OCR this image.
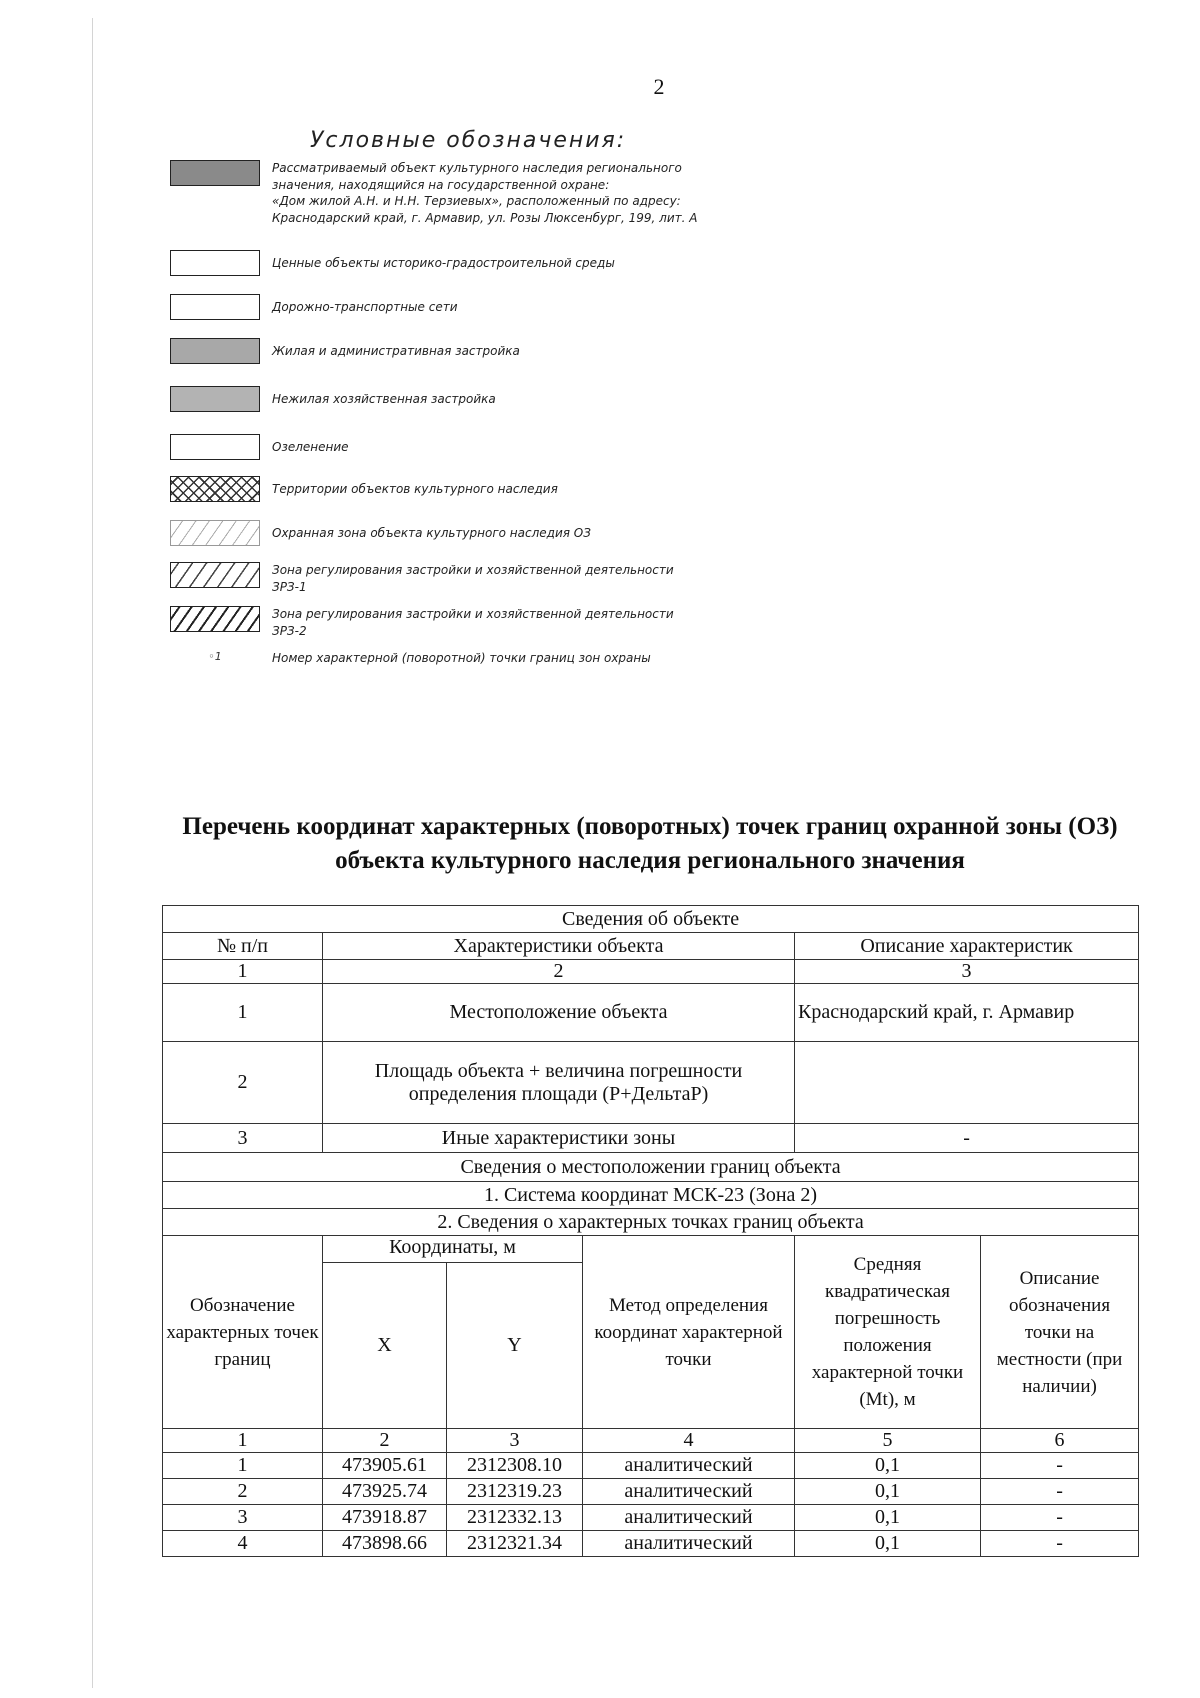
2
Условные обозначения:
Рассматриваемый объект культурного наследия регионального
значения, находящийся на государственной охране:
«Дом жилой А.Н. и Н.Н. Терзиевых», расположенный по адресу:
Краснодарский край, г. Армавир, ул. Розы Люксенбург, 199, лит. А
Ценные объекты историко-градостроительной среды
Дорожно-транспортные сети
Жилая и административная застройка
Нежилая хозяйственная застройка
Озеленение
Территории объектов культурного наследия
Охранная зона объекта культурного наследия ОЗ
Зона регулирования застройки и хозяйственной деятельности
ЗРЗ-1
Зона регулирования застройки и хозяйственной деятельности
ЗРЗ-2
◦1	Номер характерной (поворотной) точки границ зон охраны
Перечень координат характерных (поворотных) точек границ охранной зоны (ОЗ) объекта культурного наследия регионального значения
Сведения об объекте					
№ п/п	Характеристики объекта			Описание характеристик	
1	2			3	
1	Местоположение объекта			Краснодарский край, г. Армавир	
2	Площадь объекта + величина погрешности определения площади (Р+ДельтаР)				
3	Иные характеристики зоны			-	
Сведения о местоположении границ объекта					
1. Система координат МСК-23 (Зона 2)					
2. Сведения о характерных точках границ объекта					
Обозначение характерных точек границ	Координаты, м		Метод определения координат характерной точки	Средняя квадратическая погрешность положения характерной точки (Mt), м	Описание обозначения точки на местности (при наличии)
	X	Y			
1	2	3	4	5	6
1	473905.61	2312308.10	аналитический	0,1	-
2	473925.74	2312319.23	аналитический	0,1	-
3	473918.87	2312332.13	аналитический	0,1	-
4	473898.66	2312321.34	аналитический	0,1	-
